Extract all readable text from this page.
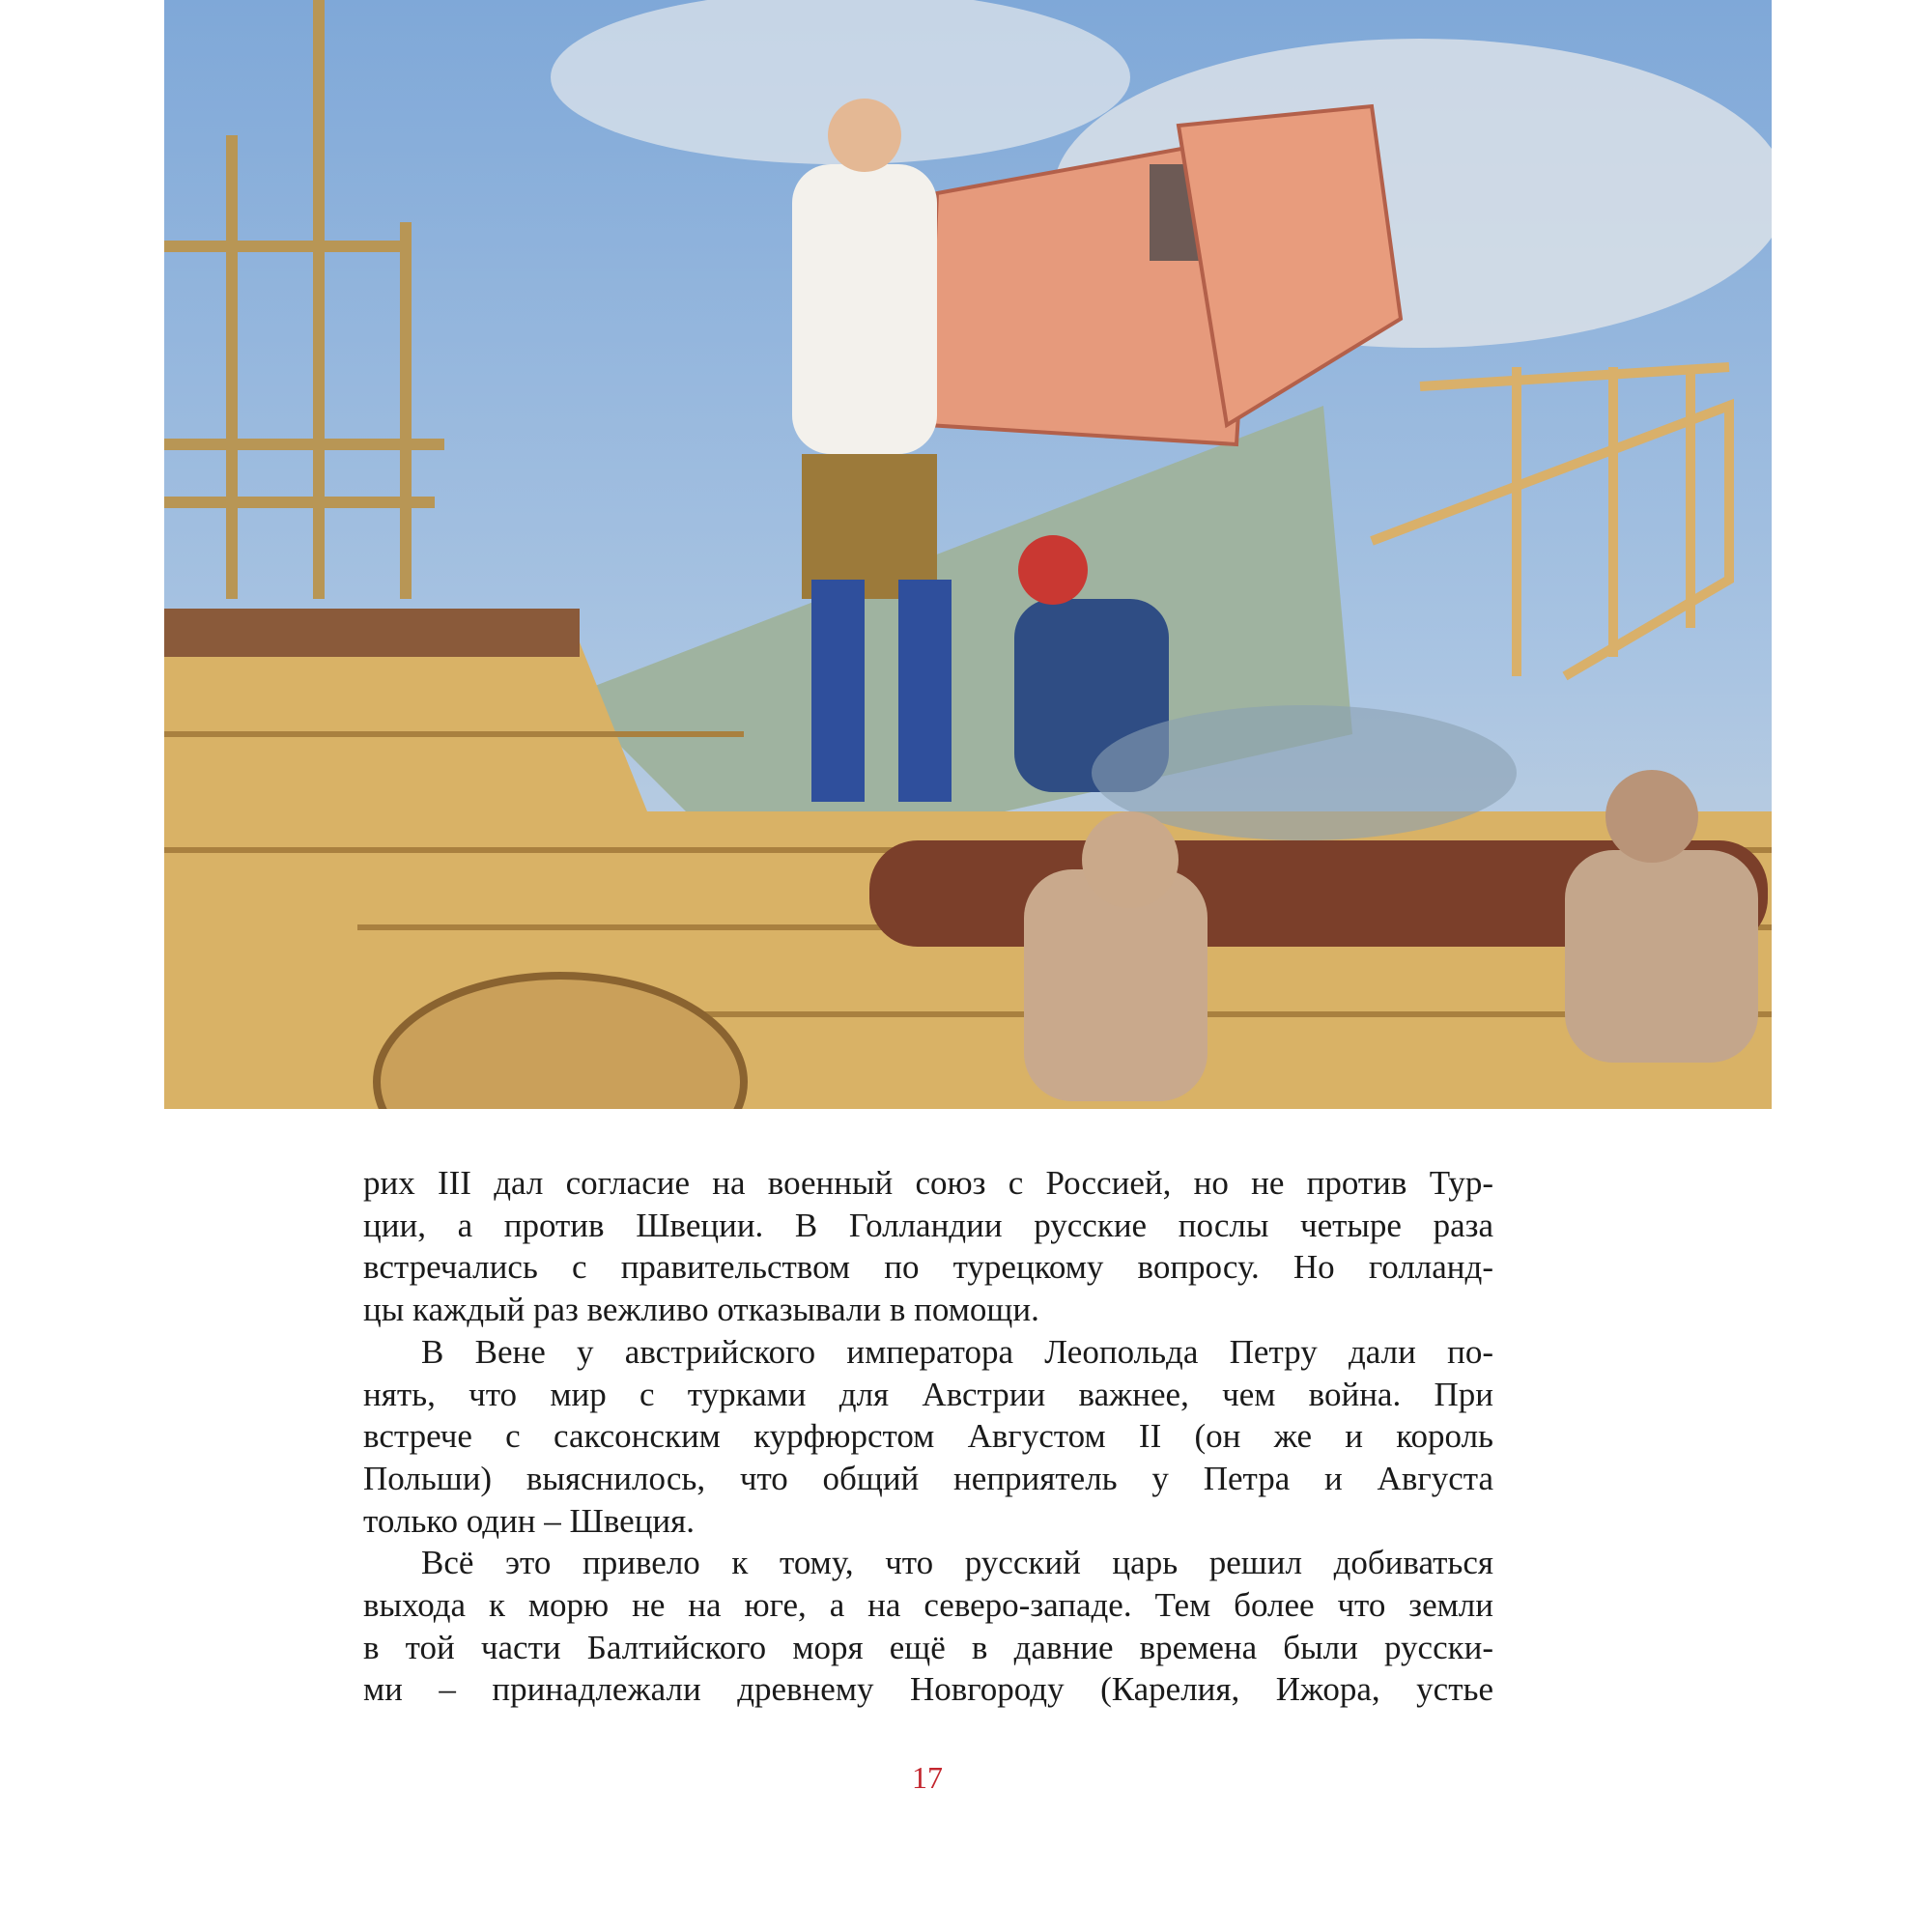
рих III дал согласие на военный союз с Россией, но не против Тур-
ции, а против Швеции. В Голландии русские послы четыре раза
встречались с правительством по турецкому вопросу. Но голланд-
цы каждый раз вежливо отказывали в помощи.
В Вене у австрийского императора Леопольда Петру дали по-
нять, что мир с турками для Австрии важнее, чем война. При
встрече с саксонским курфюрстом Августом II (он же и король
Польши) выяснилось, что общий неприятель у Петра и Августа
только один – Швеция.
Всё это привело к тому, что русский царь решил добиваться
выхода к морю не на юге, а на северо-западе. Тем более что земли
в той части Балтийского моря ещё в давние времена были русски-
ми – принадлежали древнему Новгороду (Карелия, Ижора, устье
17
